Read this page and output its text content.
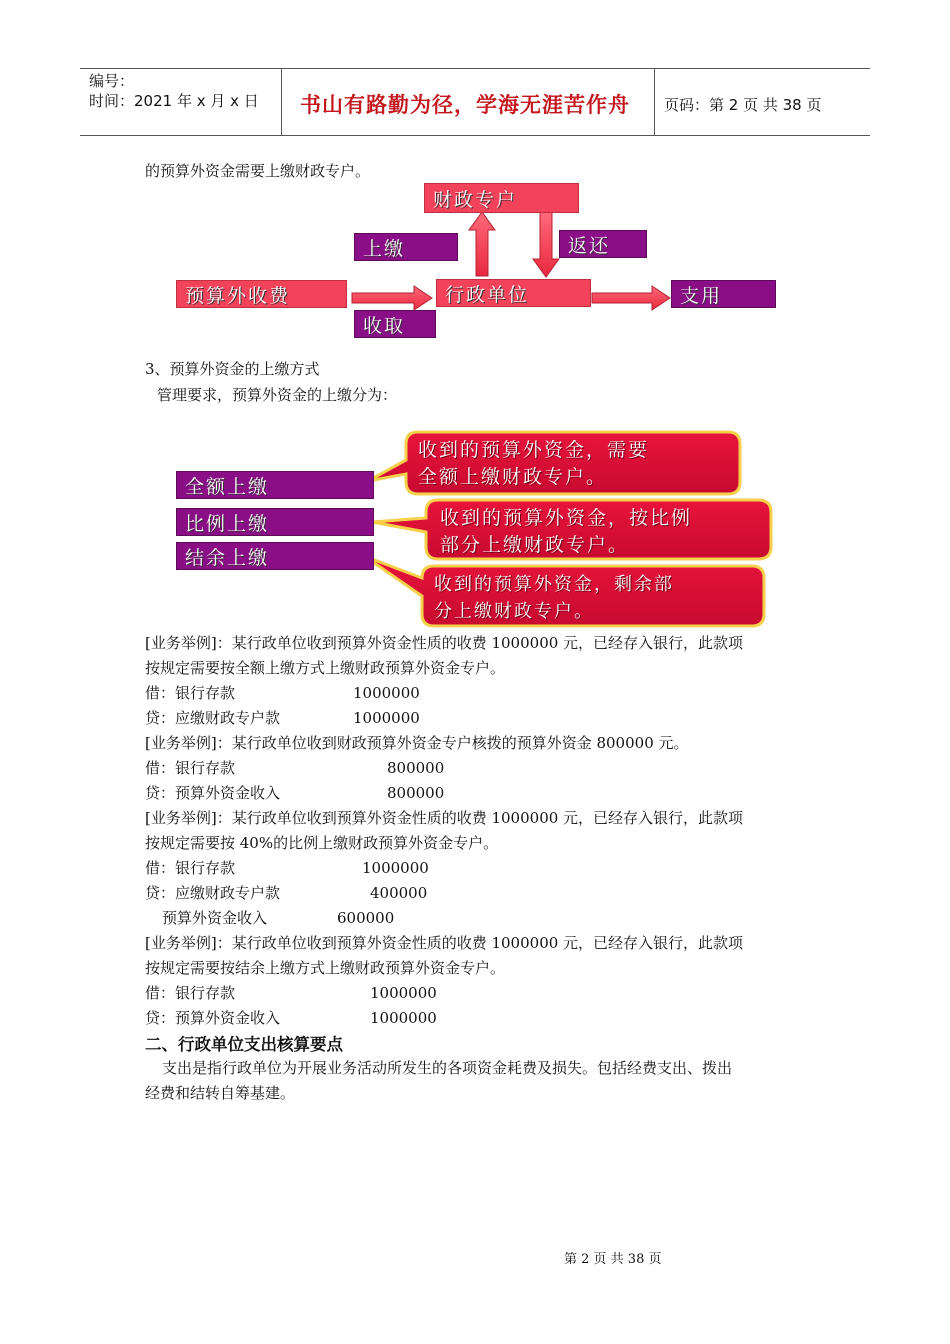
编号：
时间：2021 年 x 月 x 日 书山有路勤为径，学海无涯苦作舟 页码：第 2 页 共 38 页
的预算外资金需要上缴财政专户。
财政专户
上缴	返还
预算外收费	行政单位	支用
收取
3、预算外资金的上缴方式
管理要求，预算外资金的上缴分为：
全额上缴
比例上缴
结余上缴
收到的预算外资金，需要
全额上缴财政专户。
收到的预算外资金，按比例
部分上缴财政专户。
收到的预算外资金，剩余部
分上缴财政专户。
[业务举例]：某行政单位收到预算外资金性质的收费 1000000 元，已经存入银行，此款项
按规定需要按全额上缴方式上缴财政预算外资金专户。
借：银行存款	1000000
贷：应缴财政专户款	1000000
[业务举例]：某行政单位收到财政预算外资金专户核拨的预算外资金 800000 元。
借：银行存款	800000
贷：预算外资金收入	800000
[业务举例]：某行政单位收到预算外资金性质的收费 1000000 元，已经存入银行，此款项
按规定需要按 40%的比例上缴财政预算外资金专户。
借：银行存款	1000000
贷：应缴财政专户款	400000
预算外资金收入	600000
[业务举例]：某行政单位收到预算外资金性质的收费 1000000 元，已经存入银行，此款项
按规定需要按结余上缴方式上缴财政预算外资金专户。
借：银行存款	1000000
贷：预算外资金收入	1000000
二、行政单位支出核算要点
支出是指行政单位为开展业务活动所发生的各项资金耗费及损失。包括经费支出、拨出
经费和结转自筹基建。
第 2 页 共 38 页
